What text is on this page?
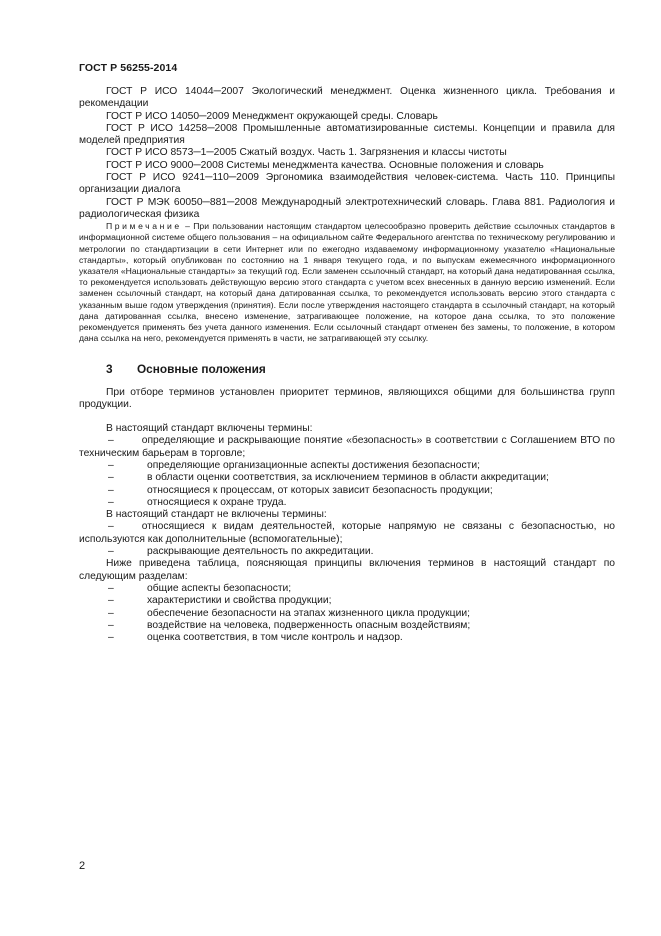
ГОСТ Р 56255-2014

ГОСТ Р ИСО 14044─2007 Экологический менеджмент. Оценка жизненного цикла. Требования и рекомендации

ГОСТ Р ИСО 14050─2009 Менеджмент окружающей среды. Словарь

ГОСТ Р ИСО 14258─2008 Промышленные автоматизированные системы. Концепции и правила для моделей предприятия

ГОСТ Р ИСО 8573─1─2005 Сжатый воздух. Часть 1. Загрязнения и классы чистоты

ГОСТ Р ИСО 9000─2008 Системы менеджмента качества. Основные положения и словарь

ГОСТ Р ИСО 9241─110─2009 Эргономика взаимодействия человек-система. Часть 110. Принципы организации диалога

ГОСТ Р МЭК 60050─881─2008 Международный электротехнический словарь. Глава 881. Радиология и радиологическая физика

Примечание – При пользовании настоящим стандартом целесообразно проверить действие ссылочных стандартов в информационной системе общего пользования – на официальном сайте Федерального агентства по техническому регулированию и метрологии по стандартизации в сети Интернет или по ежегодно издаваемому информационному указателю «Национальные стандарты», который опубликован по состоянию на 1 января текущего года, и по выпускам ежемесячного информационного указателя «Национальные стандарты» за текущий год. Если заменен ссылочный стандарт, на который дана недатированная ссылка, то рекомендуется использовать действующую версию этого стандарта с учетом всех внесенных в данную версию изменений. Если заменен ссылочный стандарт, на который дана датированная ссылка, то рекомендуется использовать версию этого стандарта с указанным выше годом утверждения (принятия). Если после утверждения настоящего стандарта в ссылочный стандарт, на который дана датированная ссылка, внесено изменение, затрагивающее положение, на которое дана ссылка, то это положение рекомендуется применять без учета данного изменения. Если ссылочный стандарт отменен без замены, то положение, в котором дана ссылка на него, рекомендуется применять в части, не затрагивающей эту ссылку.

3	Основные положения

При отборе терминов установлен приоритет терминов, являющихся общими для большинства групп продукции.

В настоящий стандарт включены термины:

–	определяющие и раскрывающие понятие «безопасность» в соответствии с Соглашением ВТО по техническим барьерам в торговле;

–	определяющие организационные аспекты достижения безопасности;

–	в области оценки соответствия, за исключением терминов в области аккредитации;

–	относящиеся к процессам, от которых зависит безопасность продукции;

–	относящиеся к охране труда.

В настоящий стандарт не включены термины:

–	относящиеся к видам деятельностей, которые напрямую не связаны с безопасностью, но используются как дополнительные (вспомогательные);

–	раскрывающие деятельность по аккредитации.

Ниже приведена таблица, поясняющая принципы включения терминов в настоящий стандарт по следующим разделам:

–	общие аспекты безопасности;

–	характеристики и свойства продукции;

–	обеспечение безопасности на этапах жизненного цикла продукции;

–	воздействие на человека, подверженность опасным воздействиям;

–	оценка соответствия, в том числе контроль и надзор.

2
